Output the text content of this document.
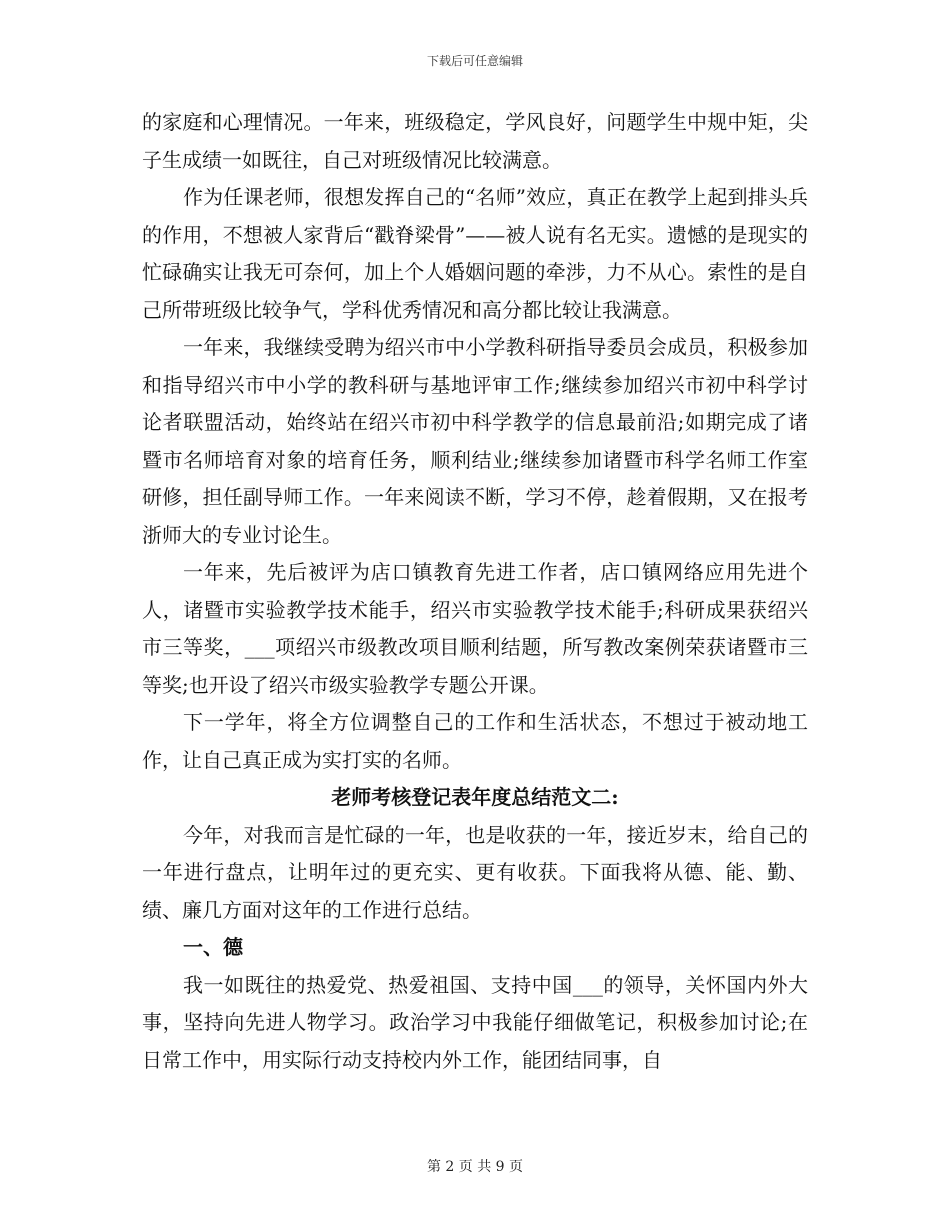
下载后可任意编辑

的家庭和心理情况。一年来，班级稳定，学风良好，问题学生中规中矩，尖子生成绩一如既往，自己对班级情况比较满意。

作为任课老师，很想发挥自己的“名师”效应，真正在教学上起到排头兵的作用，不想被人家背后“戳脊梁骨”——被人说有名无实。遗憾的是现实的忙碌确实让我无可奈何，加上个人婚姻问题的牵涉，力不从心。索性的是自己所带班级比较争气，学科优秀情况和高分都比较让我满意。

一年来，我继续受聘为绍兴市中小学教科研指导委员会成员，积极参加和指导绍兴市中小学的教科研与基地评审工作;继续参加绍兴市初中科学讨论者联盟活动，始终站在绍兴市初中科学教学的信息最前沿;如期完成了诸暨市名师培育对象的培育任务，顺利结业;继续参加诸暨市科学名师工作室研修，担任副导师工作。一年来阅读不断，学习不停，趁着假期，又在报考浙师大的专业讨论生。

一年来，先后被评为店口镇教育先进工作者，店口镇网络应用先进个人，诸暨市实验教学技术能手，绍兴市实验教学技术能手;科研成果获绍兴市三等奖，___项绍兴市级教改项目顺利结题，所写教改案例荣获诸暨市三等奖;也开设了绍兴市级实验教学专题公开课。

下一学年，将全方位调整自己的工作和生活状态，不想过于被动地工作，让自己真正成为实打实的名师。

老师考核登记表年度总结范文二:

今年，对我而言是忙碌的一年，也是收获的一年，接近岁末，给自己的一年进行盘点，让明年过的更充实、更有收获。下面我将从德、能、勤、绩、廉几方面对这年的工作进行总结。

一、德

我一如既往的热爱党、热爱祖国、支持中国___的领导，关怀国内外大事，坚持向先进人物学习。政治学习中我能仔细做笔记，积极参加讨论;在日常工作中，用实际行动支持校内外工作，能团结同事，自

第 2 页 共 9 页
